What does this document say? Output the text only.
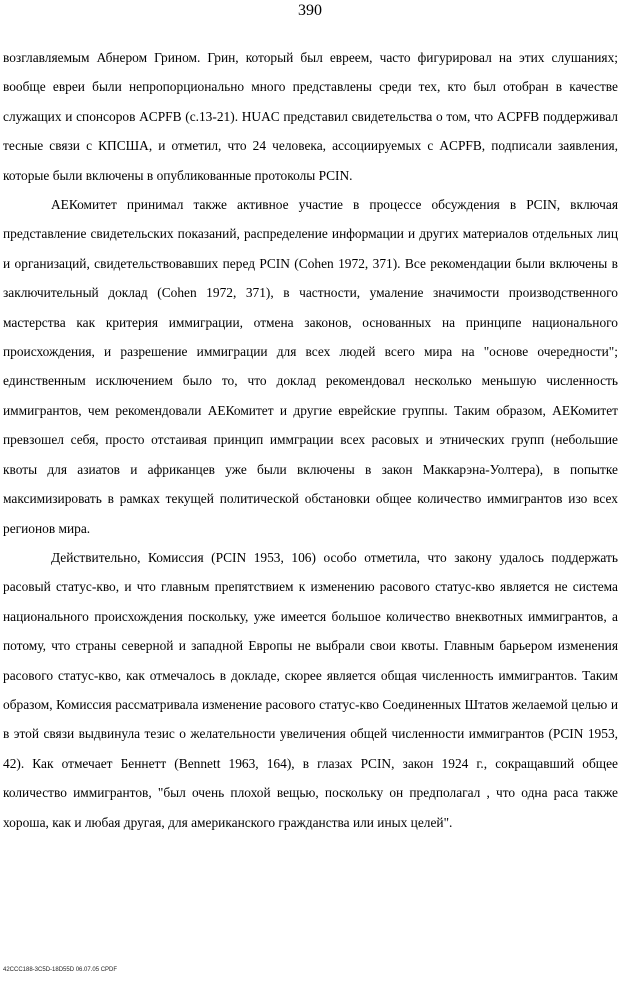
390

возглавляемым Абнером Грином. Грин, который был евреем, часто фигурировал на этих слушаниях; вообще евреи были непропорционально много представлены среди тех, кто был отобран в качестве служащих и спонсоров ACPFB (c.13-21). HUAC представил свидетельства о том, что ACPFB поддерживал тесные связи с КПСША, и отметил, что 24 человека, ассоциируемых с ACPFB, подписали заявления, которые были включены в опубликованные протоколы PCIN.

АЕКомитет принимал также активное участие в процессе обсуждения в PCIN, включая представление свидетельских показаний, распределение информации и других материалов отдельных лиц и организаций, свидетельствовавших перед PCIN (Cohen 1972, 371). Все рекомендации были включены в заключительный доклад (Cohen 1972, 371), в частности, умаление значимости производственного мастерства как критерия иммиграции, отмена законов, основанных на принципе национального происхождения, и разрешение иммиграции для всех людей всего мира на "основе очередности"; единственным исключением было то, что доклад рекомендовал несколько меньшую численность иммигрантов, чем рекомендовали АЕКомитет и другие еврейские группы. Таким образом, АЕКомитет превзошел себя, просто отстаивая принцип иммграции всех расовых и этнических групп (небольшие квоты для азиатов и африканцев уже были включены в закон Маккарэна-Уолтера), в попытке максимизировать в рамках текущей политической обстановки общее количество иммигрантов изо всех регионов мира.

Действительно, Комиссия (PCIN 1953, 106) особо отметила, что закону удалось поддержать расовый статус-кво, и что главным препятствием к изменению расового статус-кво является не система национального происхождения поскольку, уже имеется большое количество внеквотных иммигрантов, а потому, что страны северной и западной Европы не выбрали свои квоты. Главным барьером изменения расового статус-кво, как отмечалось в докладе, скорее является общая численность иммигрантов. Таким образом, Комиссия рассматривала изменение расового статус-кво Соединенных Штатов желаемой целью и в этой связи выдвинула тезис о желательности увеличения общей численности иммигрантов (PCIN 1953, 42). Как отмечает Беннетт (Bennett 1963, 164), в глазах PCIN, закон 1924 г., сокращавший общее количество иммигрантов, "был очень плохой вещью, поскольку он предполагал , что одна раса также хороша, как и любая другая, для американского гражданства или иных целей".

42CCC188-3C5D-18D55D 06.07.05 CPDF
